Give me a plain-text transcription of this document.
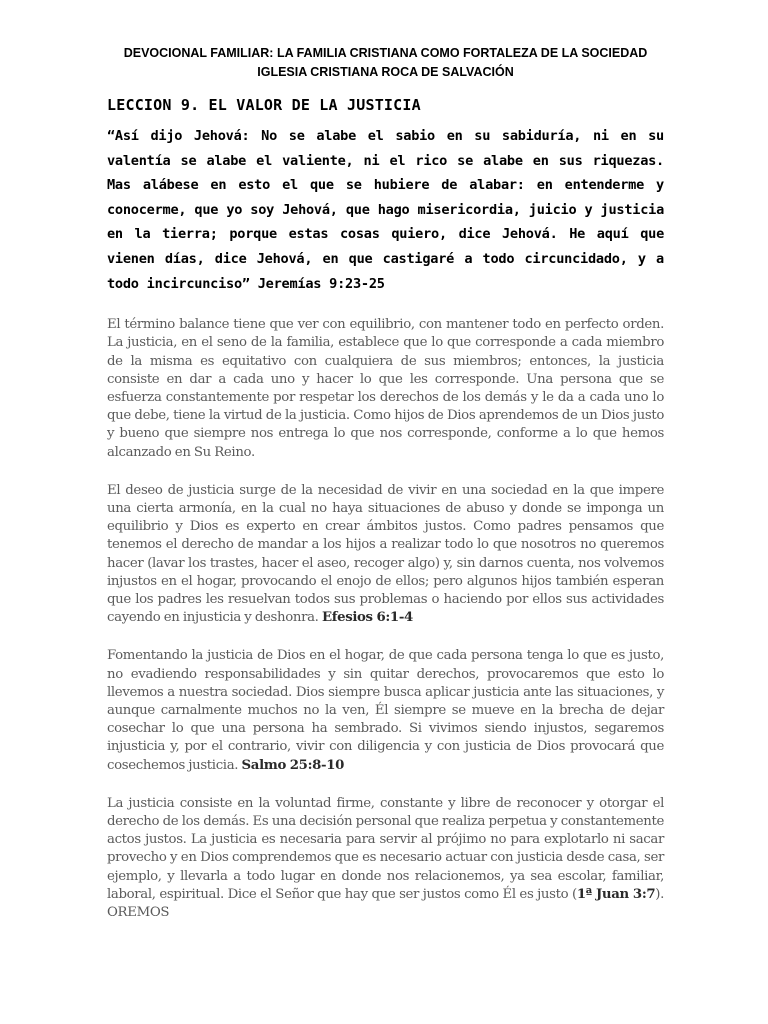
DEVOCIONAL FAMILIAR: LA FAMILIA CRISTIANA COMO FORTALEZA DE LA SOCIEDAD
IGLESIA CRISTIANA ROCA DE SALVACIÓN
LECCION 9. EL VALOR DE LA JUSTICIA
“Así dijo Jehová: No se alabe el sabio en su sabiduría, ni en su valentía se alabe el valiente, ni el rico se alabe en sus riquezas. Mas alábese en esto el que se hubiere de alabar: en entenderme y conocerme, que yo soy Jehová, que hago misericordia, juicio y justicia en la tierra; porque estas cosas quiero, dice Jehová. He aquí que vienen días, dice Jehová, en que castigaré a todo circuncidado, y a todo incircunciso” Jeremías 9:23-25

El término balance tiene que ver con equilibrio, con mantener todo en perfecto orden. La justicia, en el seno de la familia, establece que lo que corresponde a cada miembro de la misma es equitativo con cualquiera de sus miembros; entonces, la justicia consiste en dar a cada uno y hacer lo que les corresponde. Una persona que se esfuerza constantemente por respetar los derechos de los demás y le da a cada uno lo que debe, tiene la virtud de la justicia. Como hijos de Dios aprendemos de un Dios justo y bueno que siempre nos entrega lo que nos corresponde, conforme a lo que hemos alcanzado en Su Reino.

El deseo de justicia surge de la necesidad de vivir en una sociedad en la que impere una cierta armonía, en la cual no haya situaciones de abuso y donde se imponga un equilibrio y Dios es experto en crear ámbitos justos. Como padres pensamos que tenemos el derecho de mandar a los hijos a realizar todo lo que nosotros no queremos hacer (lavar los trastes, hacer el aseo, recoger algo) y, sin darnos cuenta, nos volvemos injustos en el hogar, provocando el enojo de ellos; pero algunos hijos también esperan que los padres les resuelvan todos sus problemas o haciendo por ellos sus actividades cayendo en injusticia y deshonra. Efesios 6:1-4

Fomentando la justicia de Dios en el hogar, de que cada persona tenga lo que es justo, no evadiendo responsabilidades y sin quitar derechos, provocaremos que esto lo llevemos a nuestra sociedad. Dios siempre busca aplicar justicia ante las situaciones, y aunque carnalmente muchos no la ven, Él siempre se mueve en la brecha de dejar cosechar lo que una persona ha sembrado. Si vivimos siendo injustos, segaremos injusticia y, por el contrario, vivir con diligencia y con justicia de Dios provocará que cosechemos justicia. Salmo 25:8-10

La justicia consiste en la voluntad firme, constante y libre de reconocer y otorgar el derecho de los demás. Es una decisión personal que realiza perpetua y constantemente actos justos. La justicia es necesaria para servir al prójimo no para explotarlo ni sacar provecho y en Dios comprendemos que es necesario actuar con justicia desde casa, ser ejemplo, y llevarla a todo lugar en donde nos relacionemos, ya sea escolar, familiar, laboral, espiritual. Dice el Señor que hay que ser justos como Él es justo (1ª Juan 3:7). OREMOS
